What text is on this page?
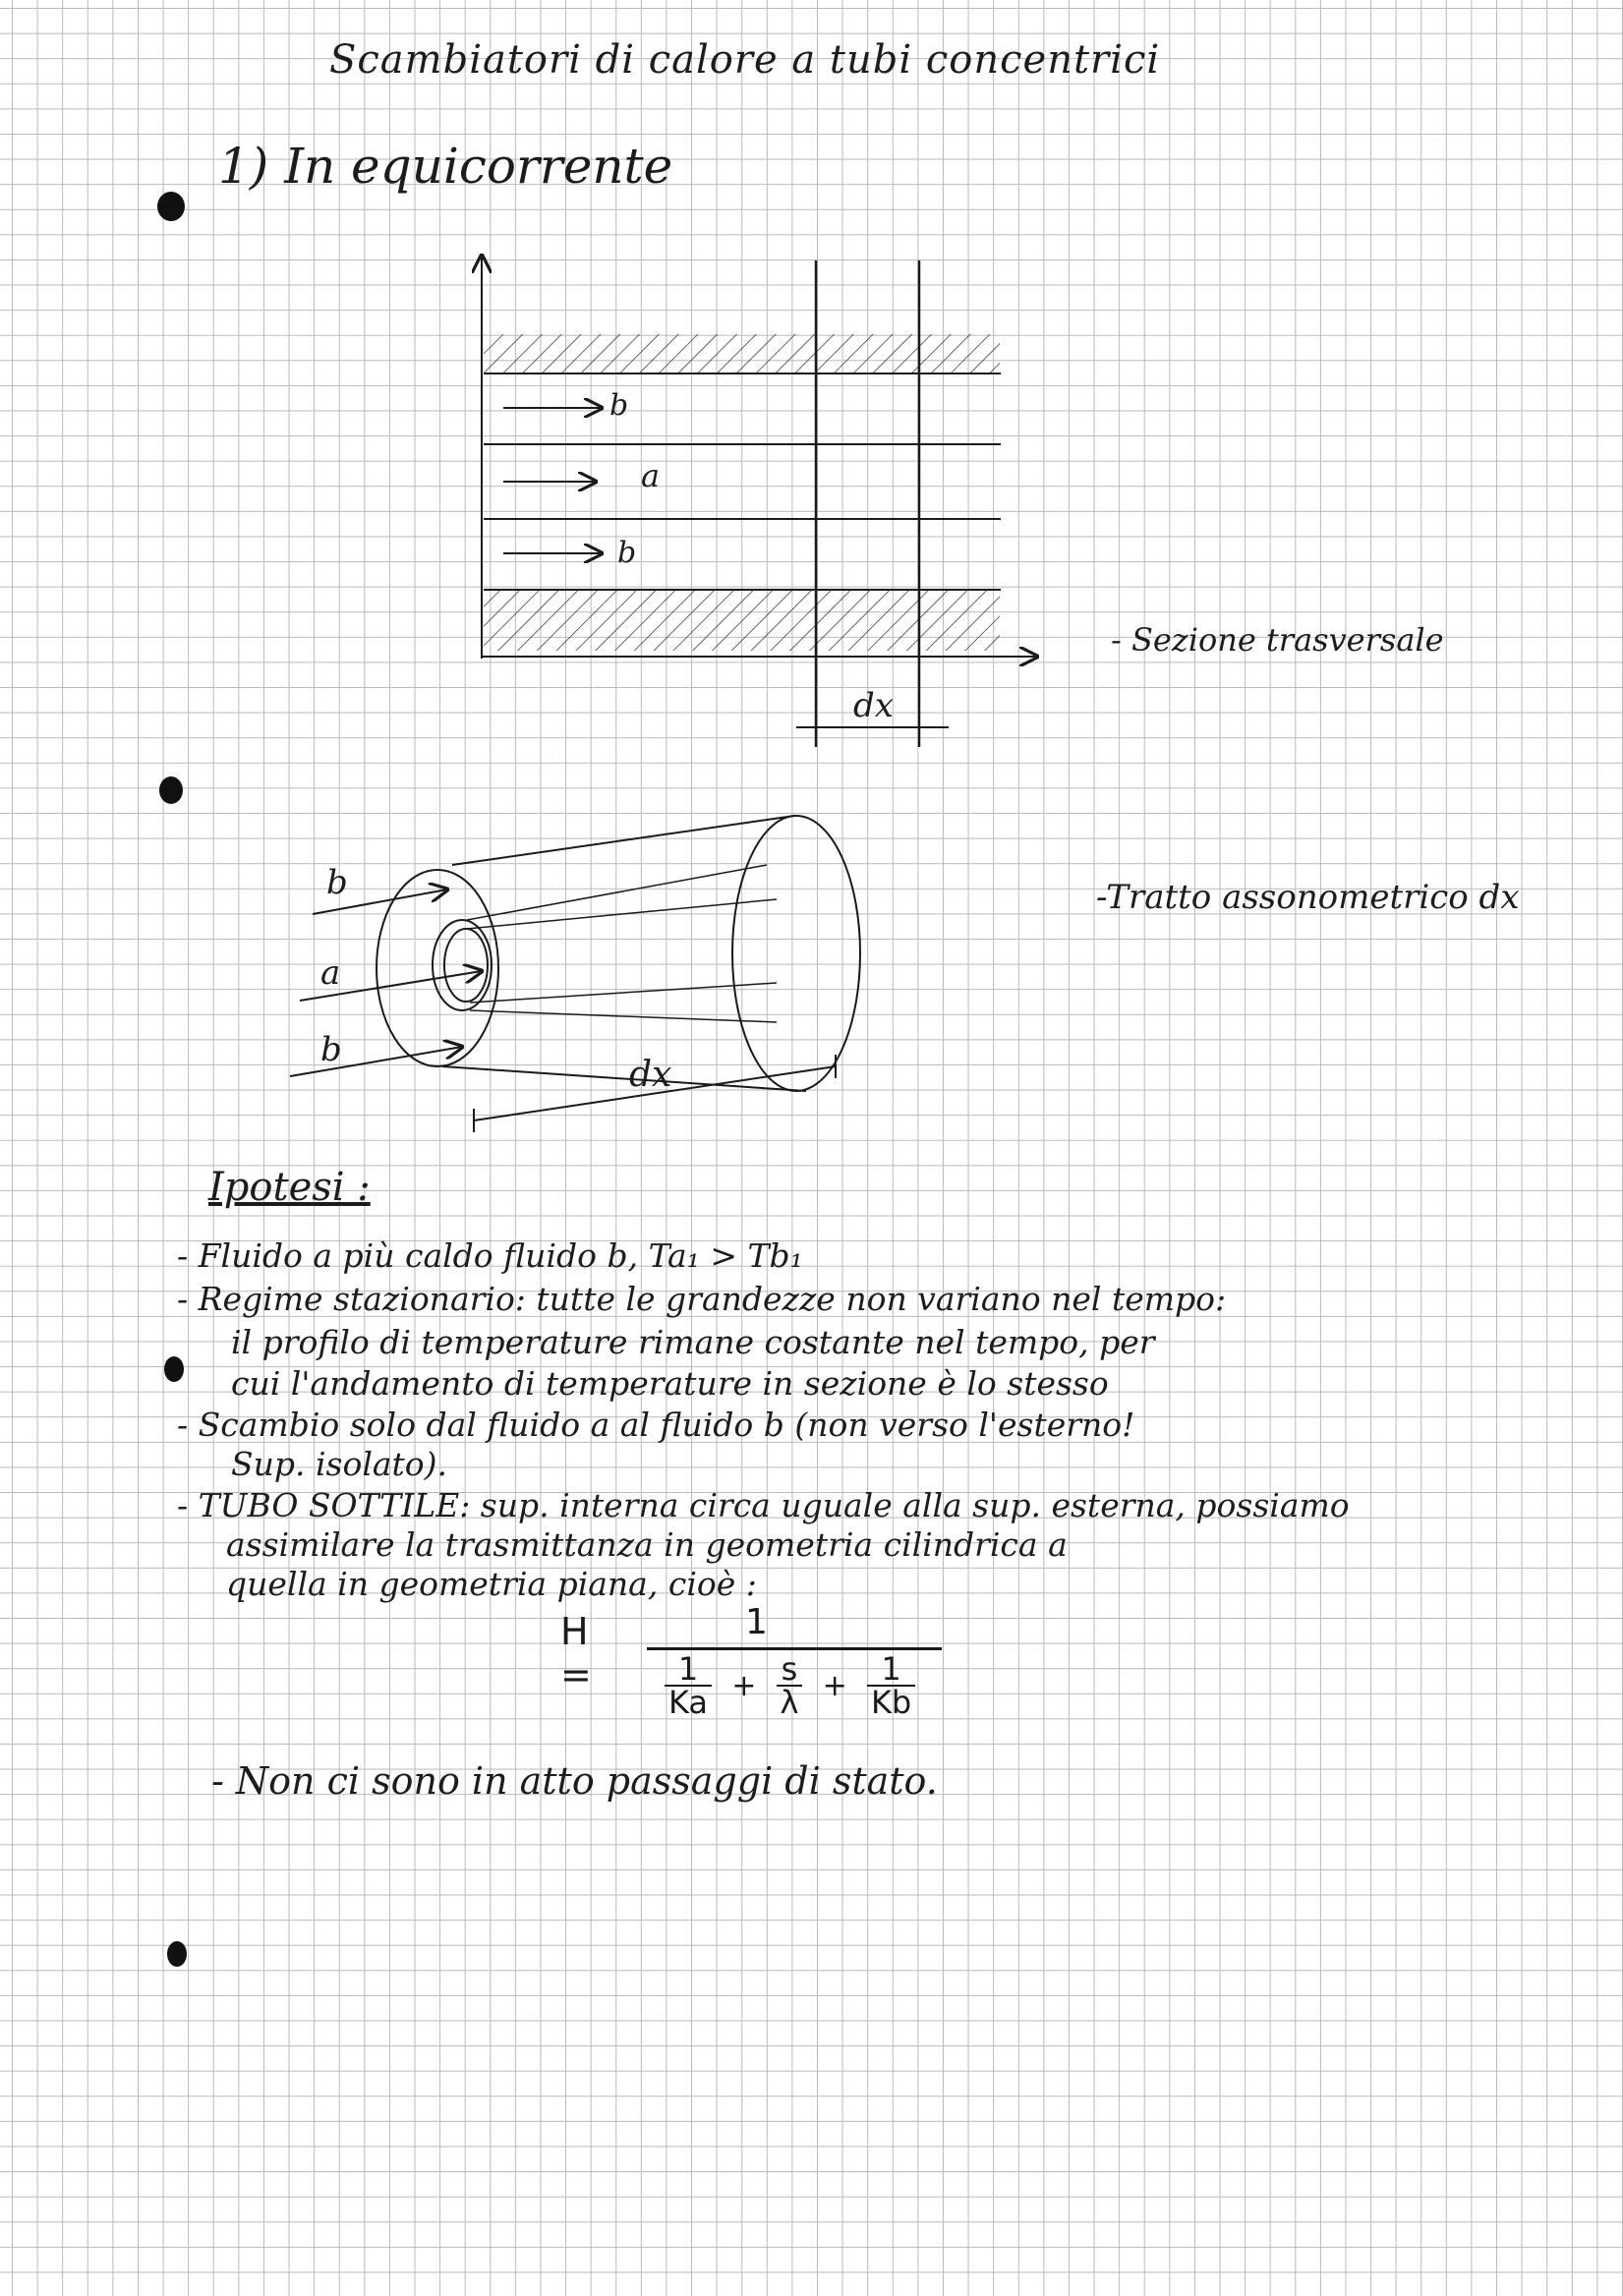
Scambiatori di calore a tubi concentrici
1) In equicorrente
b
a
b
dx
- Sezione trasversale
b
a
b
dx
-Tratto assonometrico dx
Ipotesi :
- Fluido a più caldo fluido b, Ta₁ > Tb₁
- Regime stazionario: tutte le grandezze non variano nel tempo:
il profilo di temperature rimane costante nel tempo, per
cui l'andamento di temperature in sezione è lo stesso
- Scambio solo dal fluido a al fluido b (non verso l'esterno!
Sup. isolato).
- TUBO SOTTILE: sup. interna circa uguale alla sup. esterna, possiamo
assimilare la trasmittanza in geometria cilindrica a
quella in geometria piana, cioè :
H =
1
$\frac{1}{Ka} + \frac{s}{\lambda} + \frac{1}{Kb}$
- Non ci sono in atto passaggi di stato.
